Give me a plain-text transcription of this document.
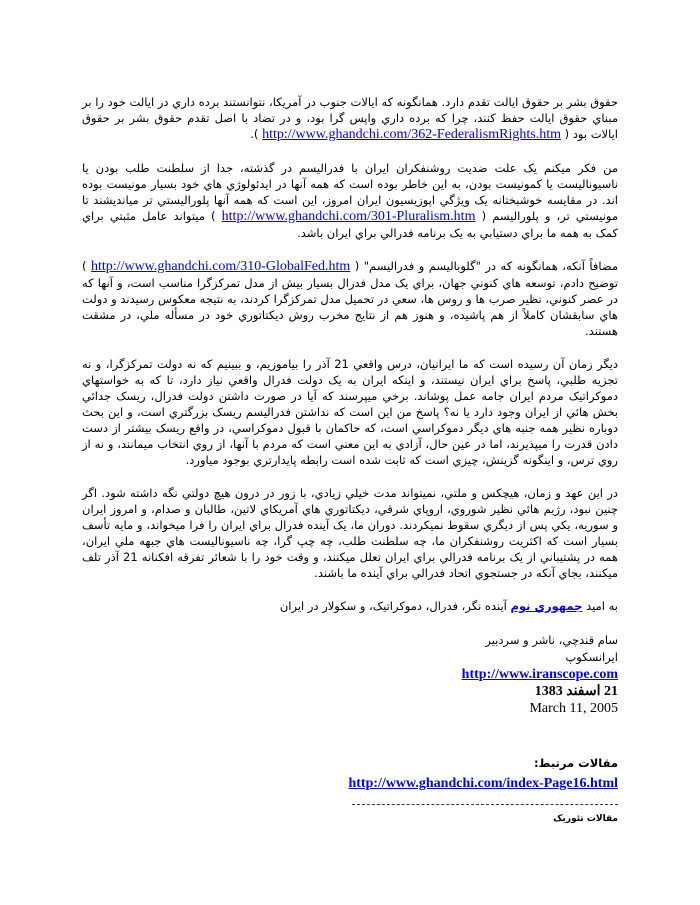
حقوق بشر بر حقوق ايالت تقدم دارد. همانگونه که ايالات جنوب در آمريکا، نتوانستند برده داري در ايالت خود را بر مبناي حقوق ايالت حفظ کنند، چرا که برده داري واپس گرا بود، و در تضاد با اصل تقدم حقوق بشر بر حقوق ايالات بود ( http://www.ghandchi.com/362-FederalismRights.htm ).

من فکر ميکنم يک علت ضديت روشنفکران ايران با فدراليسم در گذشته، جدا از سلطنت طلب بودن يا ناسيوناليست يا کمونيست بودن، به اين خاطر بوده است که همه آنها در ايدئولوژي هاي خود بسيار مونيست بوده اند. در مقايسه خوشبختانه يک ويژگي اپوزيسيون ايران امروز، اين است که همه آنها پلوراليستي تر ميانديشند تا مونيستي تر، و پلوراليسم ( http://www.ghandchi.com/301-Pluralism.htm ) ميتواند عامل مثبتي براي کمک به همه ما براي دستيابي به يک برنامه فدرالي براي ايران باشد.

مضافاً آنکه، همانگونه که در "گلوباليسم و فدراليسم" ( http://www.ghandchi.com/310-GlobalFed.htm ) توضيح دادم، توسعه هاي کنوني جهان، براي يک مدل فدرال بسيار بيش از مدل تمرکزگرا مناسب است، و آنها که در عصر کنوني، نظير صرب ها و روس ها، سعي در تحميل مدل تمرکزگرا کردند، به نتيجه معکوس رسيدند و دولت هاي سابقشان کاملاً از هم پاشيده، و هنوز هم از نتايج مخرب روش ديکتاتوري خود در مسأله ملي، در مشقت هستند.

ديگر زمان آن رسيده است که ما ايرانيان، درس واقعي 21 آذر را بياموزيم، و ببينيم که نه دولت تمرکزگرا، و نه تجزيه طلبي، پاسخ براي ايران نيستند، و اينکه ايران به يک دولت فدرال واقعي نياز دارد، تا که به خواستهاي دموکراتيک مردم ايران جامه عمل پوشاند. برخي ميپرسند که آيا در صورت داشتن دولت فدرال، ريسک جدائي بخش هائي از ايران وجود دارد يا نه؟ پاسخ من اين است که نداشتن فدراليسم ريسک بزرگتري است، و اين بحث دوباره نظير همه جنبه هاي ديگر دموکراسي است، که حاکمان با قبول دموکراسي، در واقع ريسک بيشتر از دست دادن قدرت را ميپذيرند، اما در عين حال، آزادي به اين معني است که مردم با آنها، از روي انتخاب ميمانند، و نه از روي ترس، و اينگونه گزينش، چيزي است که ثابت شده است رابطه پايدارتري بوجود مياورد.

در اين عهد و زمان، هيچکس و ملتي، نميتواند مدت خيلي زيادي، با زور در درون هيچ دولتي نگه داشته شود. اگر چنين نبود، رژيم هائي نظير شوروي، اروپاي شرقي، ديکتاتوري هاي آمريکاي لاتين، طالبان و صدام، و امروز ايران و سوريه، يکي پس از ديگري سقوط نميکردند. دوران ما، يک آينده فدرال براي ايران را فرا ميخواند، و مايه تأسف بسيار است که اکثريت روشنفکران ما، چه سلطنت طلب، چه چپ گرا، چه ناسيوناليست هاي جبهه ملي ايران، همه در پشتيباني از يک برنامه فدرالي براي ايران تعلل ميکنند، و وقت خود را با شعائر تفرقه افکنانه 21 آذر تلف ميکنند، بجاي آنکه در جستجوي اتحاد فدرالي براي آينده ما باشند.

به اميد جمهوري نوم آينده نگر، فدرال، دموکراتيک، و سکولار در ايران

سام قندچي، ناشر و سردبير
ايرانسکوپ
http://www.iranscope.com
21 اسفند 1383
March 11, 2005
مقالات مرتبط:
http://www.ghandchi.com/index-Page16.html
مقالات تئوريک
